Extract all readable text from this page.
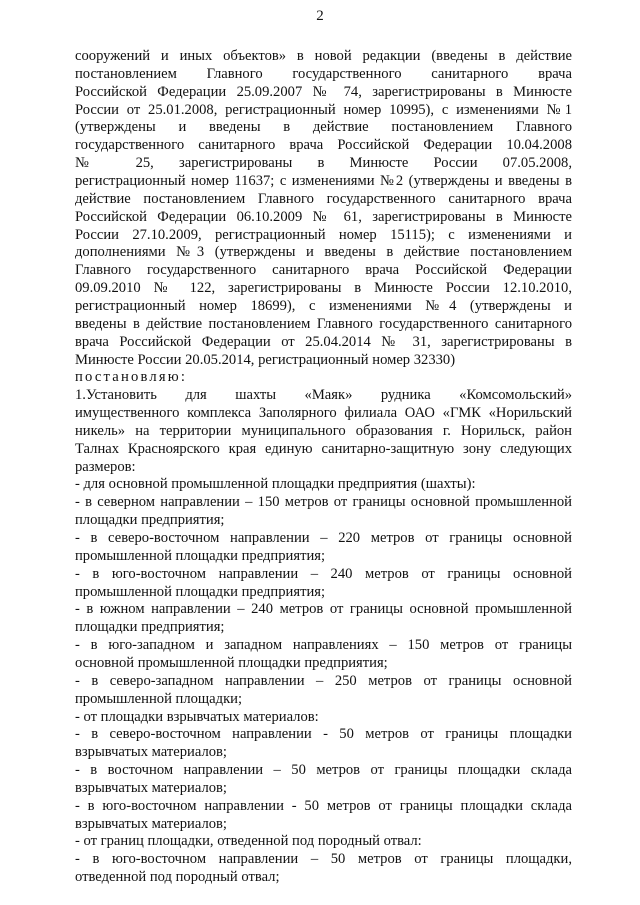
2
сооружений и иных объектов» в новой редакции (введены в действие
постановлением Главного государственного санитарного врача
Российской Федерации 25.09.2007 № 74, зарегистрированы в Минюсте
России от 25.01.2008, регистрационный номер 10995), с изменениями №1
(утверждены и введены в действие постановлением Главного
государственного санитарного врача Российской Федерации 10.04.2008
№ 25, зарегистрированы в Минюсте России 07.05.2008,
регистрационный номер 11637; с изменениями №2 (утверждены и введены в
действие постановлением Главного государственного санитарного врача
Российской Федерации 06.10.2009 № 61, зарегистрированы в Минюсте
России 27.10.2009, регистрационный номер 15115); с изменениями и
дополнениями №3 (утверждены и введены в действие постановлением
Главного государственного санитарного врача Российской Федерации
09.09.2010 № 122, зарегистрированы в Минюсте России 12.10.2010,
регистрационный номер 18699), с изменениями №4 (утверждены и
введены в действие постановлением Главного государственного санитарного
врача Российской Федерации от 25.04.2014 № 31, зарегистрированы в
Минюсте России 20.05.2014, регистрационный номер 32330)
постановляю:
1.Установить для шахты «Маяк» рудника «Комсомольский»
имущественного комплекса Заполярного филиала ОАО «ГМК «Норильский
никель» на территории муниципального образования г. Норильск, район
Талнах Красноярского края единую санитарно-защитную зону следующих
размеров:
- для основной промышленной площадки предприятия (шахты):
- в северном направлении – 150 метров от границы основной промышленной
площадки предприятия;
- в северо-восточном направлении – 220 метров от границы основной
промышленной площадки предприятия;
- в юго-восточном направлении – 240 метров от границы основной
промышленной площадки предприятия;
- в южном направлении – 240 метров от границы основной промышленной
площадки предприятия;
- в юго-западном и западном направлениях – 150 метров от границы
основной промышленной площадки предприятия;
- в северо-западном направлении – 250 метров от границы основной
промышленной площадки;
- от площадки взрывчатых материалов:
- в северо-восточном направлении - 50 метров от границы площадки
взрывчатых материалов;
- в восточном направлении – 50 метров от границы площадки склада
взрывчатых материалов;
- в юго-восточном направлении - 50 метров от границы площадки склада
взрывчатых материалов;
- от границ площадки, отведенной под породный отвал:
- в юго-восточном направлении – 50 метров от границы площадки,
отведенной под породный отвал;
